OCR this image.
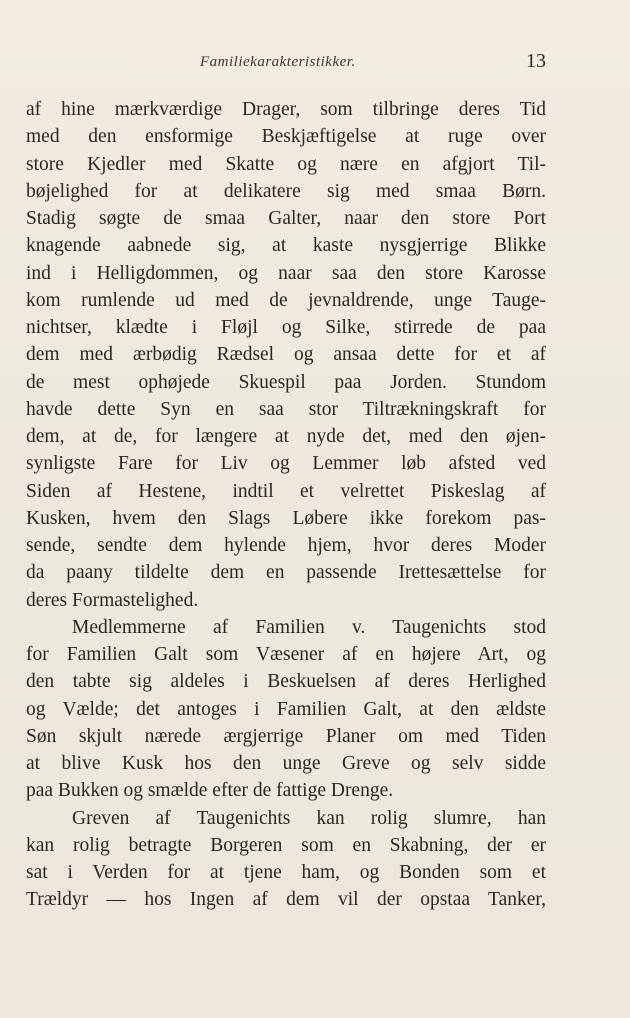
Familiekarakteristikker.	13
af hine mærkværdige Drager, som tilbringe deres Tid
med den ensformige Beskjæftigelse at ruge over
store Kjedler med Skatte og nære en afgjort Til-
bøjelighed for at delikatere sig med smaa Børn.
Stadig søgte de smaa Galter, naar den store Port
knagende aabnede sig, at kaste nysgjerrige Blikke
ind i Helligdommen, og naar saa den store Karosse
kom rumlende ud med de jevnaldrende, unge Tauge-
nichtser, klædte i Fløjl og Silke, stirrede de paa
dem med ærbødig Rædsel og ansaa dette for et af
de mest ophøjede Skuespil paa Jorden. Stundom
havde dette Syn en saa stor Tiltrækningskraft for
dem, at de, for længere at nyde det, med den øjen-
synligste Fare for Liv og Lemmer løb afsted ved
Siden af Hestene, indtil et velrettet Piskeslag af
Kusken, hvem den Slags Løbere ikke forekom pas-
sende, sendte dem hylende hjem, hvor deres Moder
da paany tildelte dem en passende Irettesættelse for
deres Formastelighed.
Medlemmerne af Familien v. Taugenichts stod
for Familien Galt som Væsener af en højere Art, og
den tabte sig aldeles i Beskuelsen af deres Herlighed
og Vælde; det antoges i Familien Galt, at den ældste
Søn skjult nærede ærgjerrige Planer om med Tiden
at blive Kusk hos den unge Greve og selv sidde
paa Bukken og smælde efter de fattige Drenge.
Greven af Taugenichts kan rolig slumre, han
kan rolig betragte Borgeren som en Skabning, der er
sat i Verden for at tjene ham, og Bonden som et
Trældyr — hos Ingen af dem vil der opstaa Tanker,
